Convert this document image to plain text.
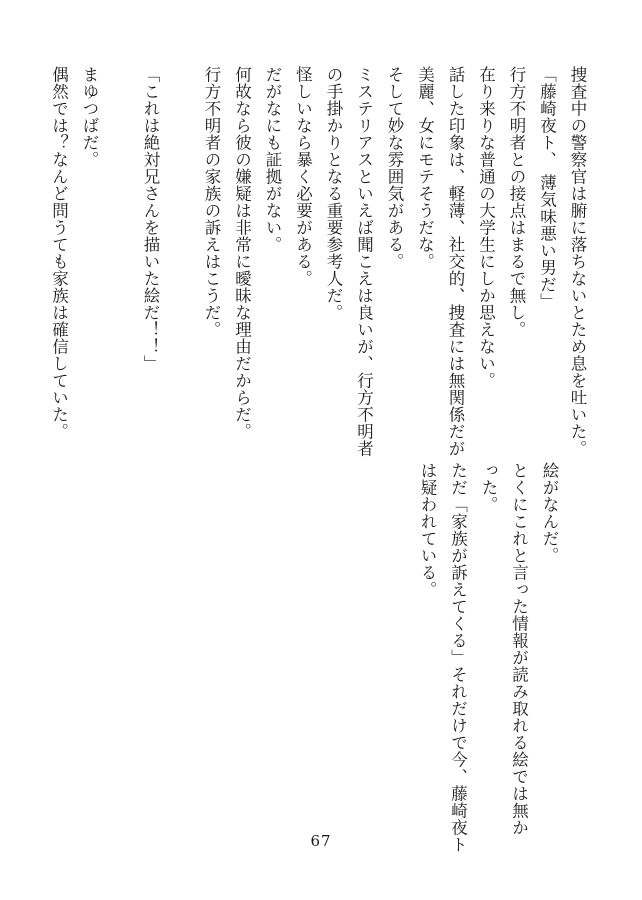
捜査中の警察官は腑に落ちないとため息を吐いた。
「藤崎夜ト、 薄気味悪い男だ」
行方不明者との接点はまるで無し。
在り来りな普通の大学生にしか思えない。
話した印象は、軽薄、社交的、捜査には無関係だが
美麗、女にモテそうだな。
そして妙な雰囲気がある。
ミステリアスといえば聞こえは良いが、行方不明者
の手掛かりとなる重要参考人だ。
怪しいなら暴く必要がある。
だがなにも証拠がない。
何故なら彼の嫌疑は非常に曖昧な理由だからだ。
行方不明者の家族の訴えはこうだ。

「これは絶対兄さんを描いた絵だ！！」

まゆつばだ。
偶然では？なんど問うても家族は確信していた。
絵がなんだ。
とくにこれと言った情報が読み取れる絵では無か
った。
ただ「家族が訴えてくる」それだけで今、藤崎夜ト
は疑われている。
67
